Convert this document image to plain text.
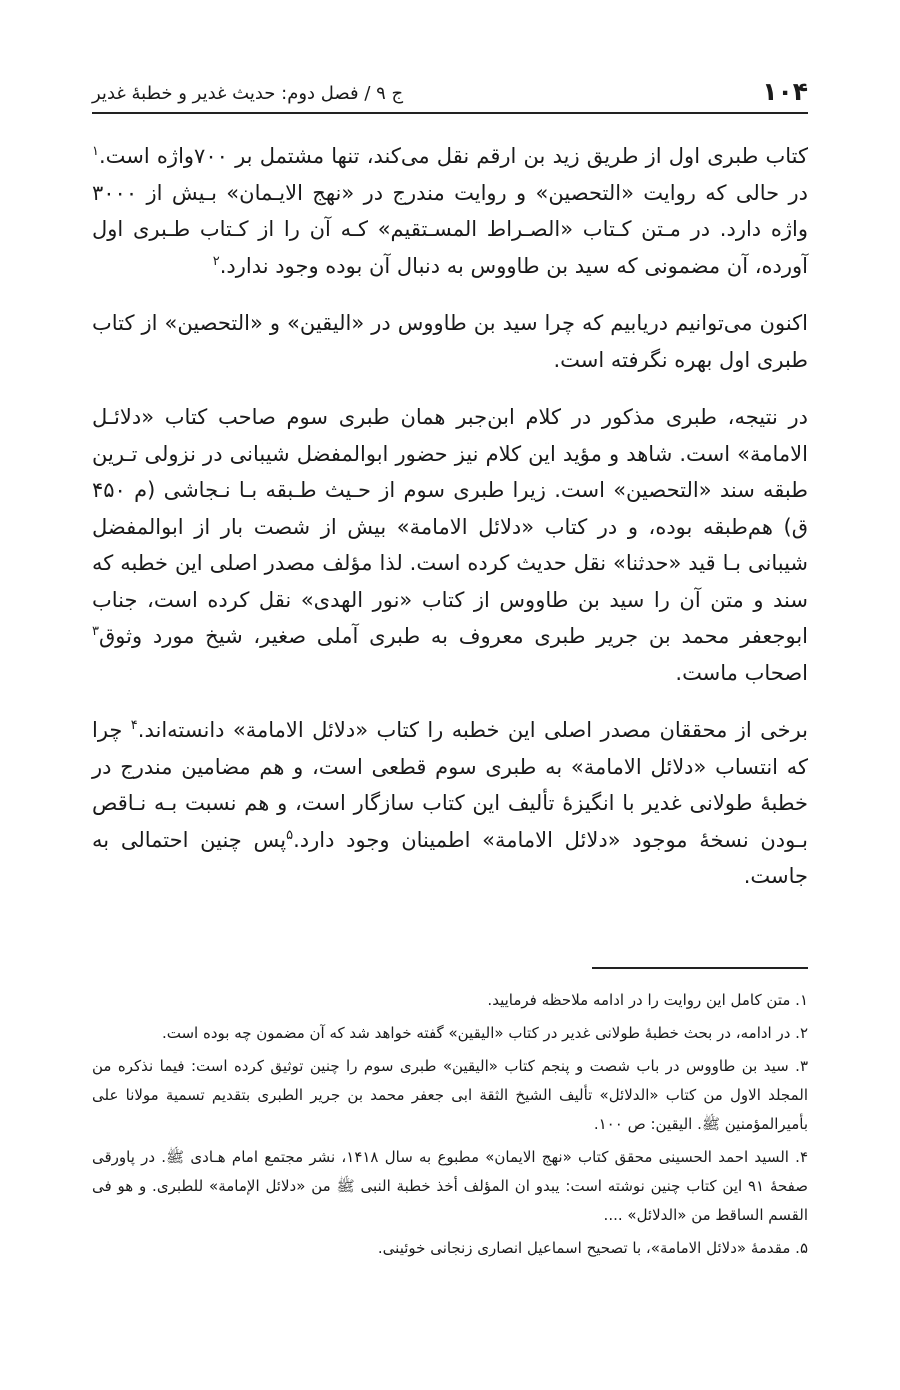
۱۰۴
ج ۹ / فصل دوم: حدیث غدیر و خطبهٔ غدیر

کتاب طبری اول از طریق زید بن ارقم نقل می‌کند، تنها مشتمل بر ۷۰۰واژه است.$^۱$ در حالی که روایت «التحصین» و روایت مندرج در «نهج الایـمان» بـیش از ۳۰۰۰ واژه دارد. در مـتن کـتاب «الصـراط المسـتقیم» کـه آن را از کـتاب طـبری اول آورده، آن مضمونی که سید بن طاووس به دنبال آن بوده وجود ندارد.$^۲$

اکنون می‌توانیم دریابیم که چرا سید بن طاووس در «الیقین» و «التحصین» از کتاب طبری اول بهره نگرفته است.

در نتیجه، طبری مذکور در کلام ابن‌جبر همان طبری سوم صاحب کتاب «دلائـل الامامة» است. شاهد و مؤید این کلام نیز حضور ابوالمفضل شیبانی در نزولی تـرین طبقه سند «التحصین» است. زیرا طبری سوم از حـیث طـبقه بـا نـجاشی (م ۴۵۰ ق) هم‌طبقه بوده، و در کتاب «دلائل الامامة» بیش از شصت بار از ابوالمفضل شیبانی بـا قید «حدثنا» نقل حدیث کرده است. لذا مؤلف مصدر اصلی این خطبه که سند و متن آن را سید بن طاووس از کتاب «نور الهدی» نقل کرده است، جناب ابوجعفر محمد بن جریر طبری معروف به طبری آملی صغیر، شیخ مورد وثوق$^۳$ اصحاب ماست.

برخی از محققان مصدر اصلی این خطبه را کتاب «دلائل الامامة» دانسته‌اند.$^۴$ چرا که انتساب «دلائل الامامة» به طبری سوم قطعی است، و هم مضامین مندرج در خطبهٔ طولانی غدیر با انگیزهٔ تألیف این کتاب سازگار است، و هم نسبت بـه نـاقص بـودن نسخهٔ موجود «دلائل الامامة» اطمینان وجود دارد.$^۵$پس چنین احتمالی به جاست.

۱. متن کامل این روایت را در ادامه ملاحظه فرمایید.

۲. در ادامه، در بحث خطبهٔ طولانی غدیر در کتاب «الیقین» گفته خواهد شد که آن مضمون چه بوده است.

۳. سید بن طاووس در باب شصت و پنجم کتاب «الیقین» طبری سوم را چنین توثیق کرده است: فیما نذکره من المجلد الاول من کتاب «الدلائل» تألیف الشیخ الثقة ابی جعفر محمد بن جریر الطبری بتقدیم تسمیة مولانا علی بأمیرالمؤمنین ﷺ. الیقین: ص ۱۰۰.

۴. السید احمد الحسینی محقق کتاب «نهج الایمان» مطبوع به سال ۱۴۱۸، نشر مجتمع امام هـادی ﷺ. در پاورقی صفحهٔ ۹۱ این کتاب چنین نوشته است: یبدو ان المؤلف أخذ خطبة النبی ﷺ من «دلائل الإمامة» للطبری. و هو فی القسم الساقط من «الدلائل» ....

۵. مقدمهٔ «دلائل الامامة»، با تصحیح اسماعیل انصاری زنجانی خوئینی.
